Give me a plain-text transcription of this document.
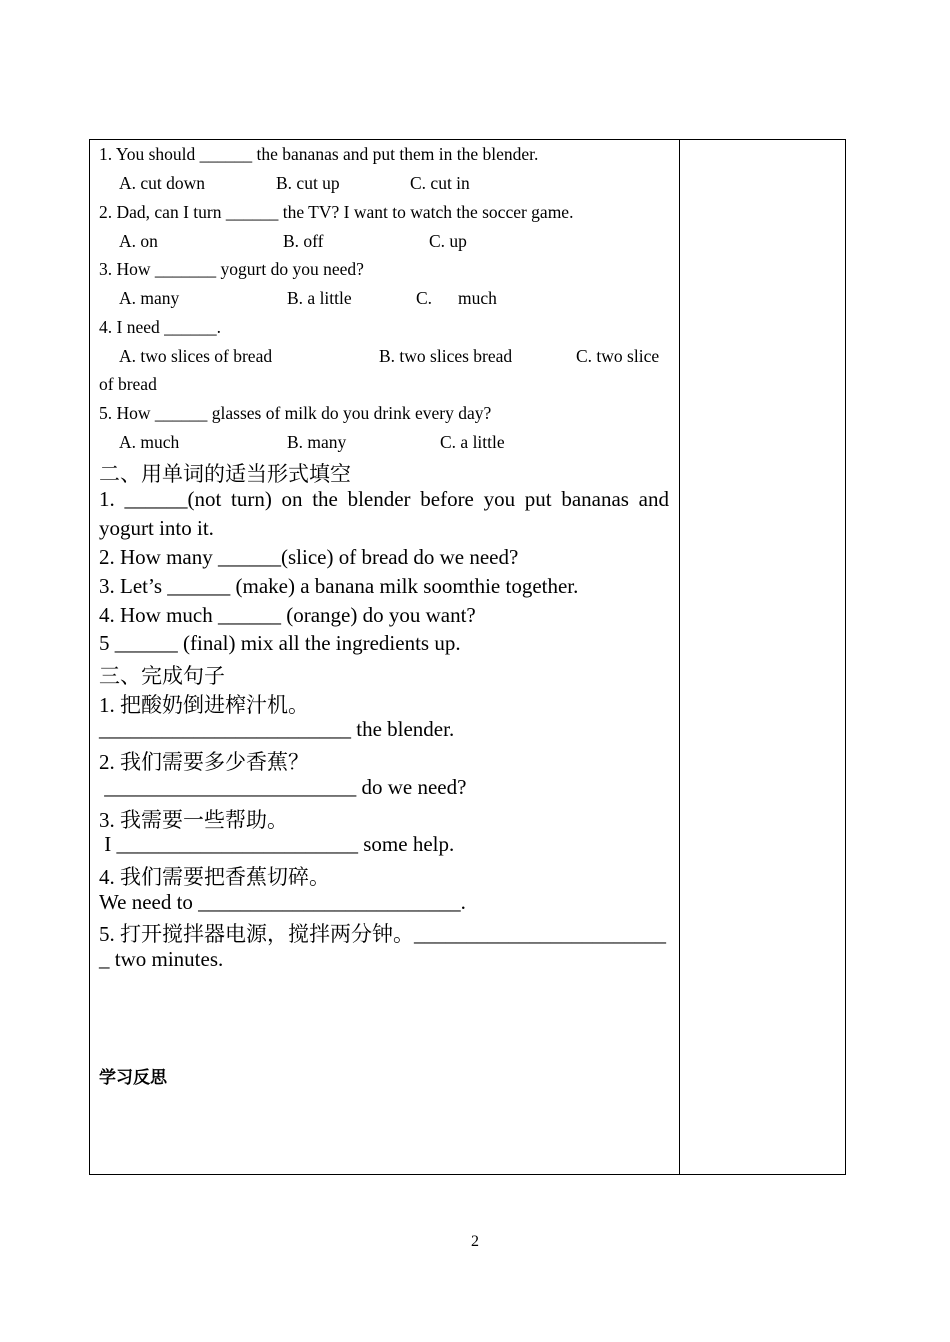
1. You should ______ the bananas and put them in the blender.
A. cut down	B. cut up	C. cut in
2. Dad, can I turn ______ the TV? I want to watch the soccer game.
A. on	B. off	C. up
3. How _______ yogurt do you need?
A. many	B. a little	C. much
4. I need ______.
A. two slices of bread	B. two slices bread	C. two slice
of bread
5. How ______ glasses of milk do you drink every day?
A. much	B. many	C. a little
二、用单词的适当形式填空
1. ______(not turn) on the blender before you put bananas and
yogurt into it.
2. How many ______(slice) of bread do we need?
3. Let’s ______ (make) a banana milk soomthie together.
4. How much ______ (orange) do you want?
5 ______ (final) mix all the ingredients up.
三、完成句子
1. 把酸奶倒进榨汁机。
________________________ the blender.
2. 我们需要多少香蕉？
________________________ do we need?
3. 我需要一些帮助。
I _______________________ some help.
4. 我们需要把香蕉切碎。
We need to _________________________.
5. 打开搅拌器电源，搅拌两分钟。________________________
_ two minutes.
学习反思
2
